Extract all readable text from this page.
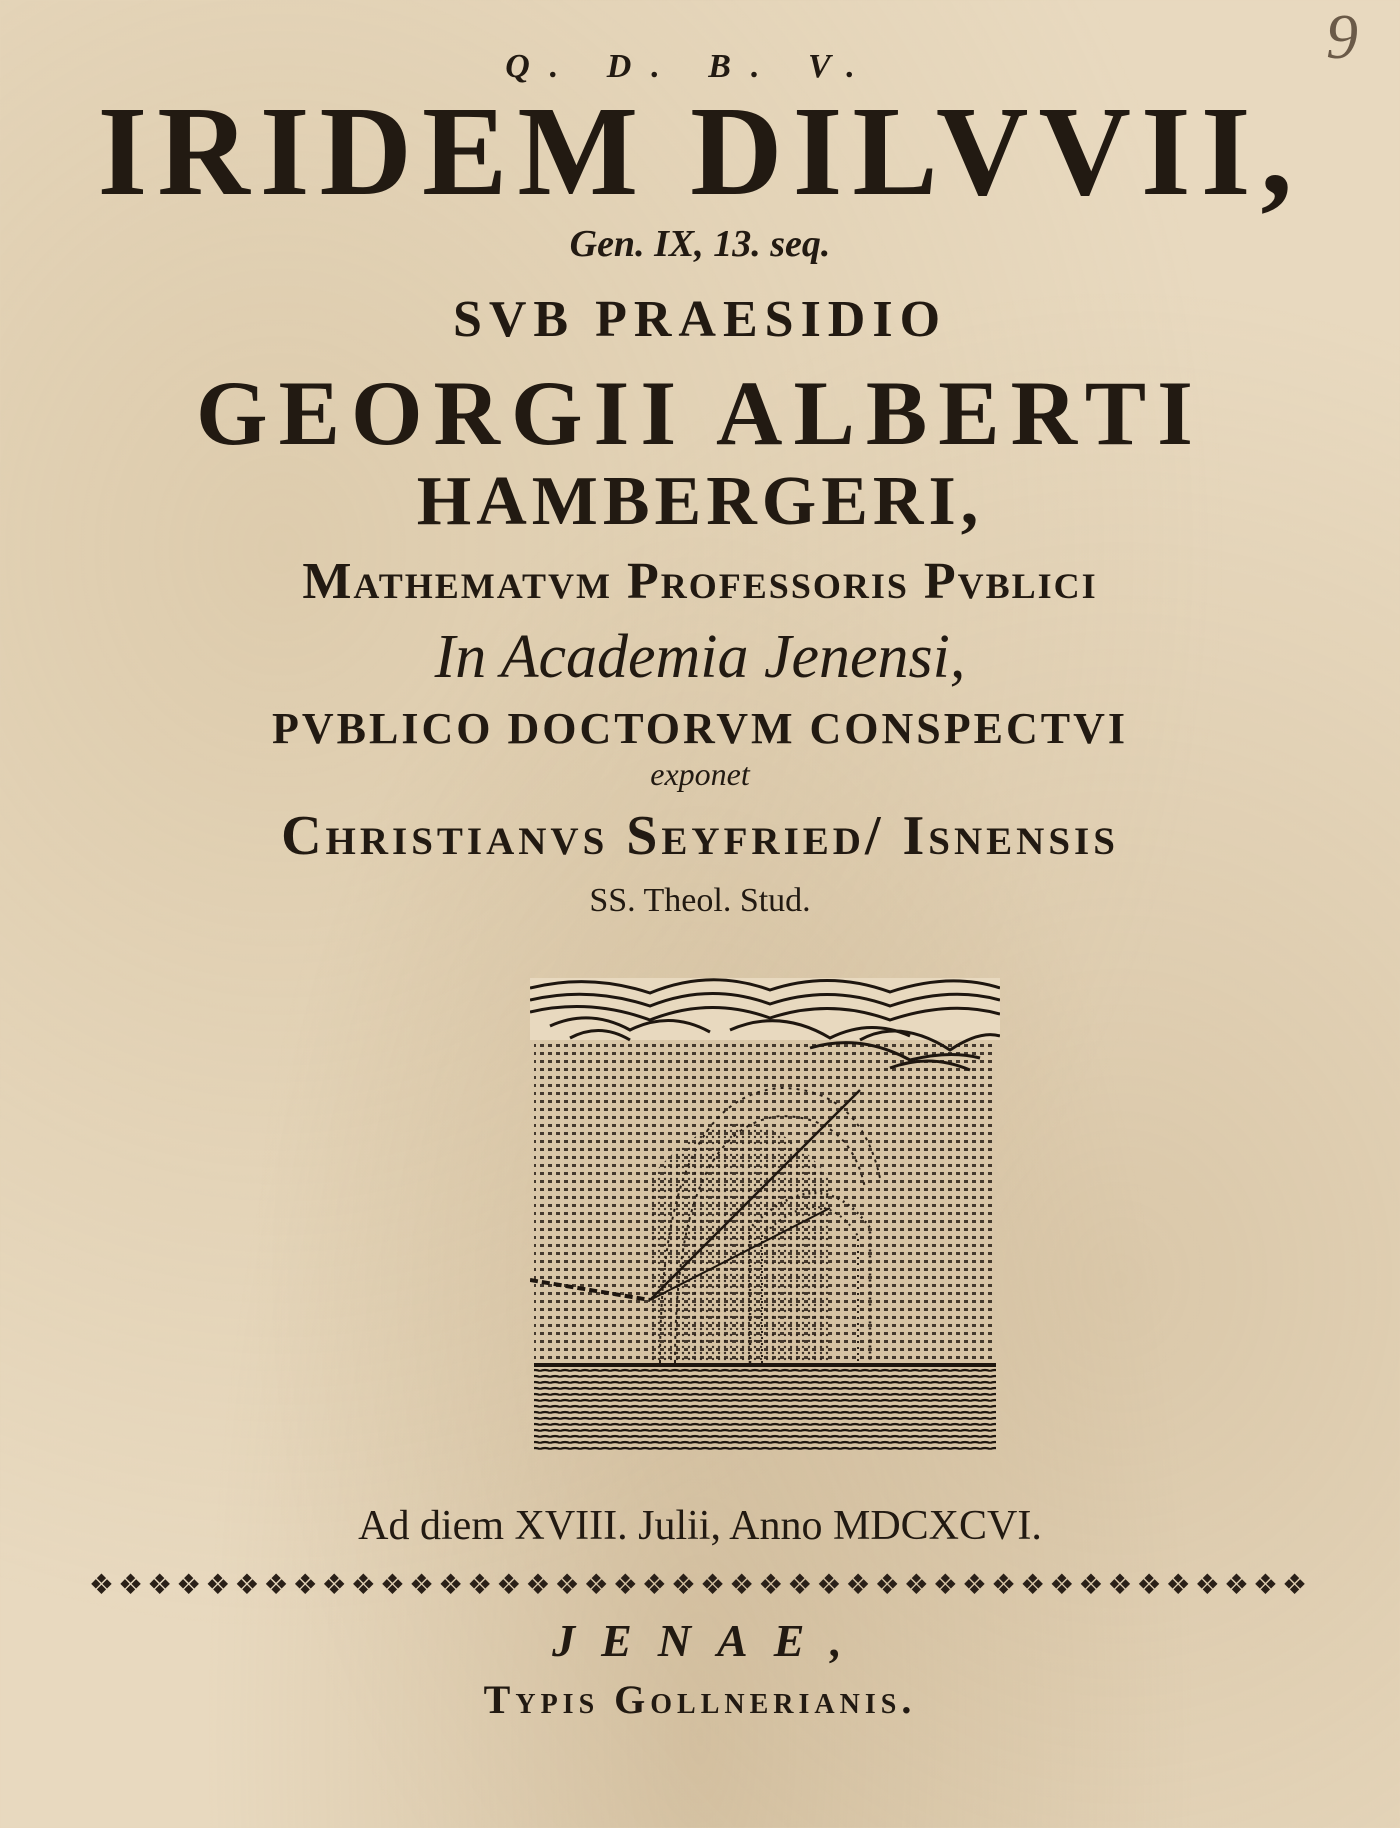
9
Q. D. B. V.
IRIDEM DILVVII,
Gen. IX, 13. seq.
SVB PRAESIDIO
GEORGII ALBERTI
HAMBERGERI,
Mathematvm Professoris Pvblici
In Academia Jenensi,
PVBLICO DOCTORVM CONSPECTVI
exponet
Christianvs Seyfried/ Isnensis
SS. Theol. Stud.
Ad diem XVIII. Julii, Anno MDCXCVI.
❖❖❖❖❖❖❖❖❖❖❖❖❖❖❖❖❖❖❖❖❖❖❖❖❖❖❖❖❖❖❖❖❖❖❖❖❖❖❖❖❖❖
JENAE,
Typis Gollnerianis.
